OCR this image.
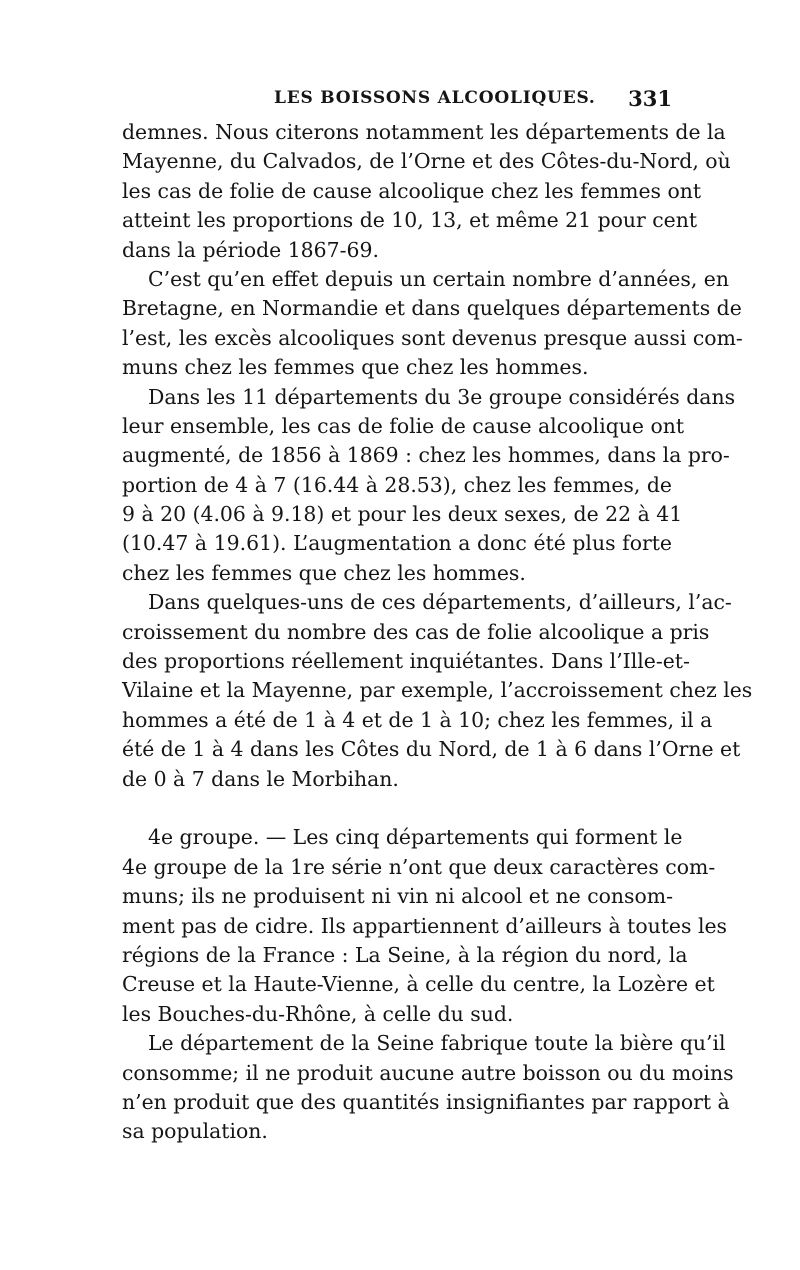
LES BOISSONS ALCOOLIQUES. 331
demnes. Nous citerons notamment les départements de la
Mayenne, du Calvados, de l’Orne et des Côtes-du-Nord, où
les cas de folie de cause alcoolique chez les femmes ont
atteint les proportions de 10, 13, et même 21 pour cent
dans la période 1867-69.
C’est qu’en effet depuis un certain nombre d’années, en
Bretagne, en Normandie et dans quelques départements de
l’est, les excès alcooliques sont devenus presque aussi com-
muns chez les femmes que chez les hommes.
Dans les 11 départements du 3e groupe considérés dans
leur ensemble, les cas de folie de cause alcoolique ont
augmenté, de 1856 à 1869 : chez les hommes, dans la pro-
portion de 4 à 7 (16.44 à 28.53), chez les femmes, de
9 à 20 (4.06 à 9.18) et pour les deux sexes, de 22 à 41
(10.47 à 19.61). L’augmentation a donc été plus forte
chez les femmes que chez les hommes.
Dans quelques-uns de ces départements, d’ailleurs, l’ac-
croissement du nombre des cas de folie alcoolique a pris
des proportions réellement inquiétantes. Dans l’Ille-et-
Vilaine et la Mayenne, par exemple, l’accroissement chez les
hommes a été de 1 à 4 et de 1 à 10; chez les femmes, il a
été de 1 à 4 dans les Côtes du Nord, de 1 à 6 dans l’Orne et
de 0 à 7 dans le Morbihan.
4e groupe. — Les cinq départements qui forment le
4e groupe de la 1re série n’ont que deux caractères com-
muns; ils ne produisent ni vin ni alcool et ne consom-
ment pas de cidre. Ils appartiennent d’ailleurs à toutes les
régions de la France : La Seine, à la région du nord, la
Creuse et la Haute-Vienne, à celle du centre, la Lozère et
les Bouches-du-Rhône, à celle du sud.
Le département de la Seine fabrique toute la bière qu’il
consomme; il ne produit aucune autre boisson ou du moins
n’en produit que des quantités insignifiantes par rapport à
sa population.
